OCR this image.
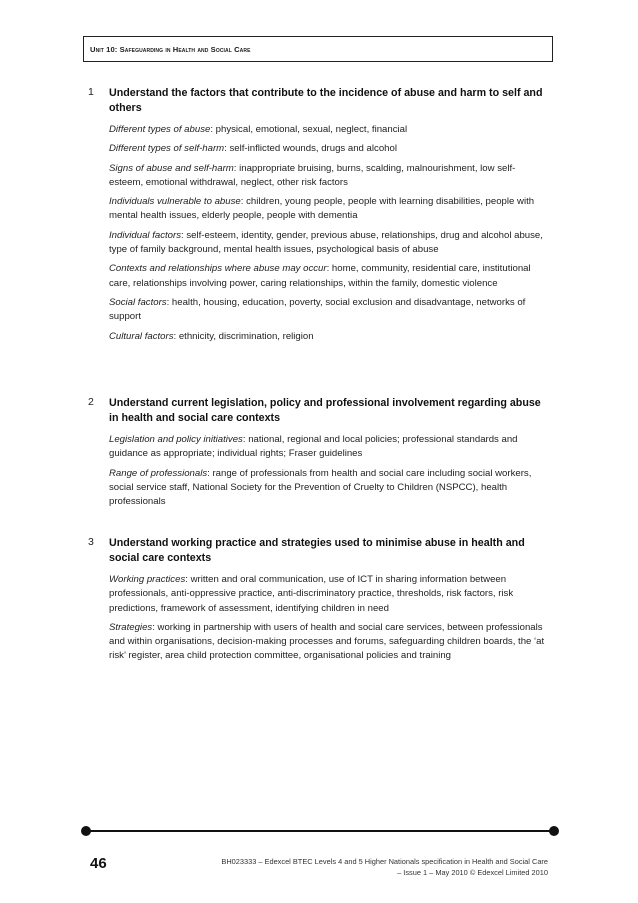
Unit 10: Safeguarding in Health and Social Care
1 Understand the factors that contribute to the incidence of abuse and harm to self and others
Different types of abuse: physical, emotional, sexual, neglect, financial
Different types of self-harm: self-inflicted wounds, drugs and alcohol
Signs of abuse and self-harm: inappropriate bruising, burns, scalding, malnourishment, low self-esteem, emotional withdrawal, neglect, other risk factors
Individuals vulnerable to abuse: children, young people, people with learning disabilities, people with mental health issues, elderly people, people with dementia
Individual factors: self-esteem, identity, gender, previous abuse, relationships, drug and alcohol abuse, type of family background, mental health issues, psychological basis of abuse
Contexts and relationships where abuse may occur: home, community, residential care, institutional care, relationships involving power, caring relationships, within the family, domestic violence
Social factors: health, housing, education, poverty, social exclusion and disadvantage, networks of support
Cultural factors: ethnicity, discrimination, religion
2 Understand current legislation, policy and professional involvement regarding abuse in health and social care contexts
Legislation and policy initiatives: national, regional and local policies; professional standards and guidance as appropriate; individual rights; Fraser guidelines
Range of professionals: range of professionals from health and social care including social workers, social service staff, National Society for the Prevention of Cruelty to Children (NSPCC), health professionals
3 Understand working practice and strategies used to minimise abuse in health and social care contexts
Working practices: written and oral communication, use of ICT in sharing information between professionals, anti-oppressive practice, anti-discriminatory practice, thresholds, risk factors, risk predictions, framework of assessment, identifying children in need
Strategies: working in partnership with users of health and social care services, between professionals and within organisations, decision-making processes and forums, safeguarding children boards, the ‘at risk’ register, area child protection committee, organisational policies and training
46	BH023333 – Edexcel BTEC Levels 4 and 5 Higher Nationals specification in Health and Social Care
– Issue 1 – May 2010 © Edexcel Limited 2010
